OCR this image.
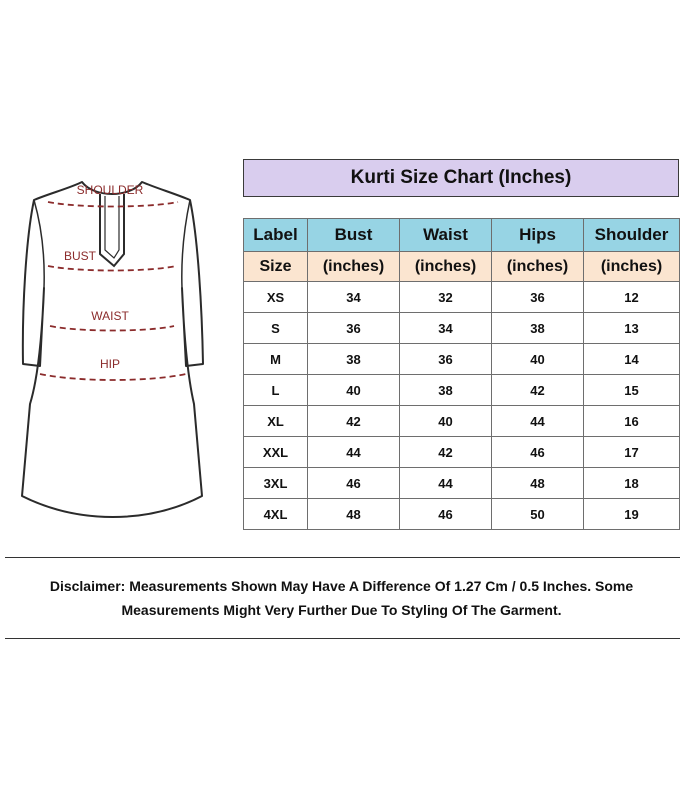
SHOULDER
BUST
WAIST
HIP
Kurti Size Chart (Inches)
Label	Bust	Waist	Hips	Shoulder
Size	(inches)	(inches)	(inches)	(inches)
XS	34	32	36	12
S	36	34	38	13
M	38	36	40	14
L	40	38	42	15
XL	42	40	44	16
XXL	44	42	46	17
3XL	46	44	48	18
4XL	48	46	50	19
Disclaimer: Measurements Shown May Have A Difference Of 1.27 Cm / 0.5 Inches. Some
Measurements Might Very Further Due To Styling Of The Garment.
